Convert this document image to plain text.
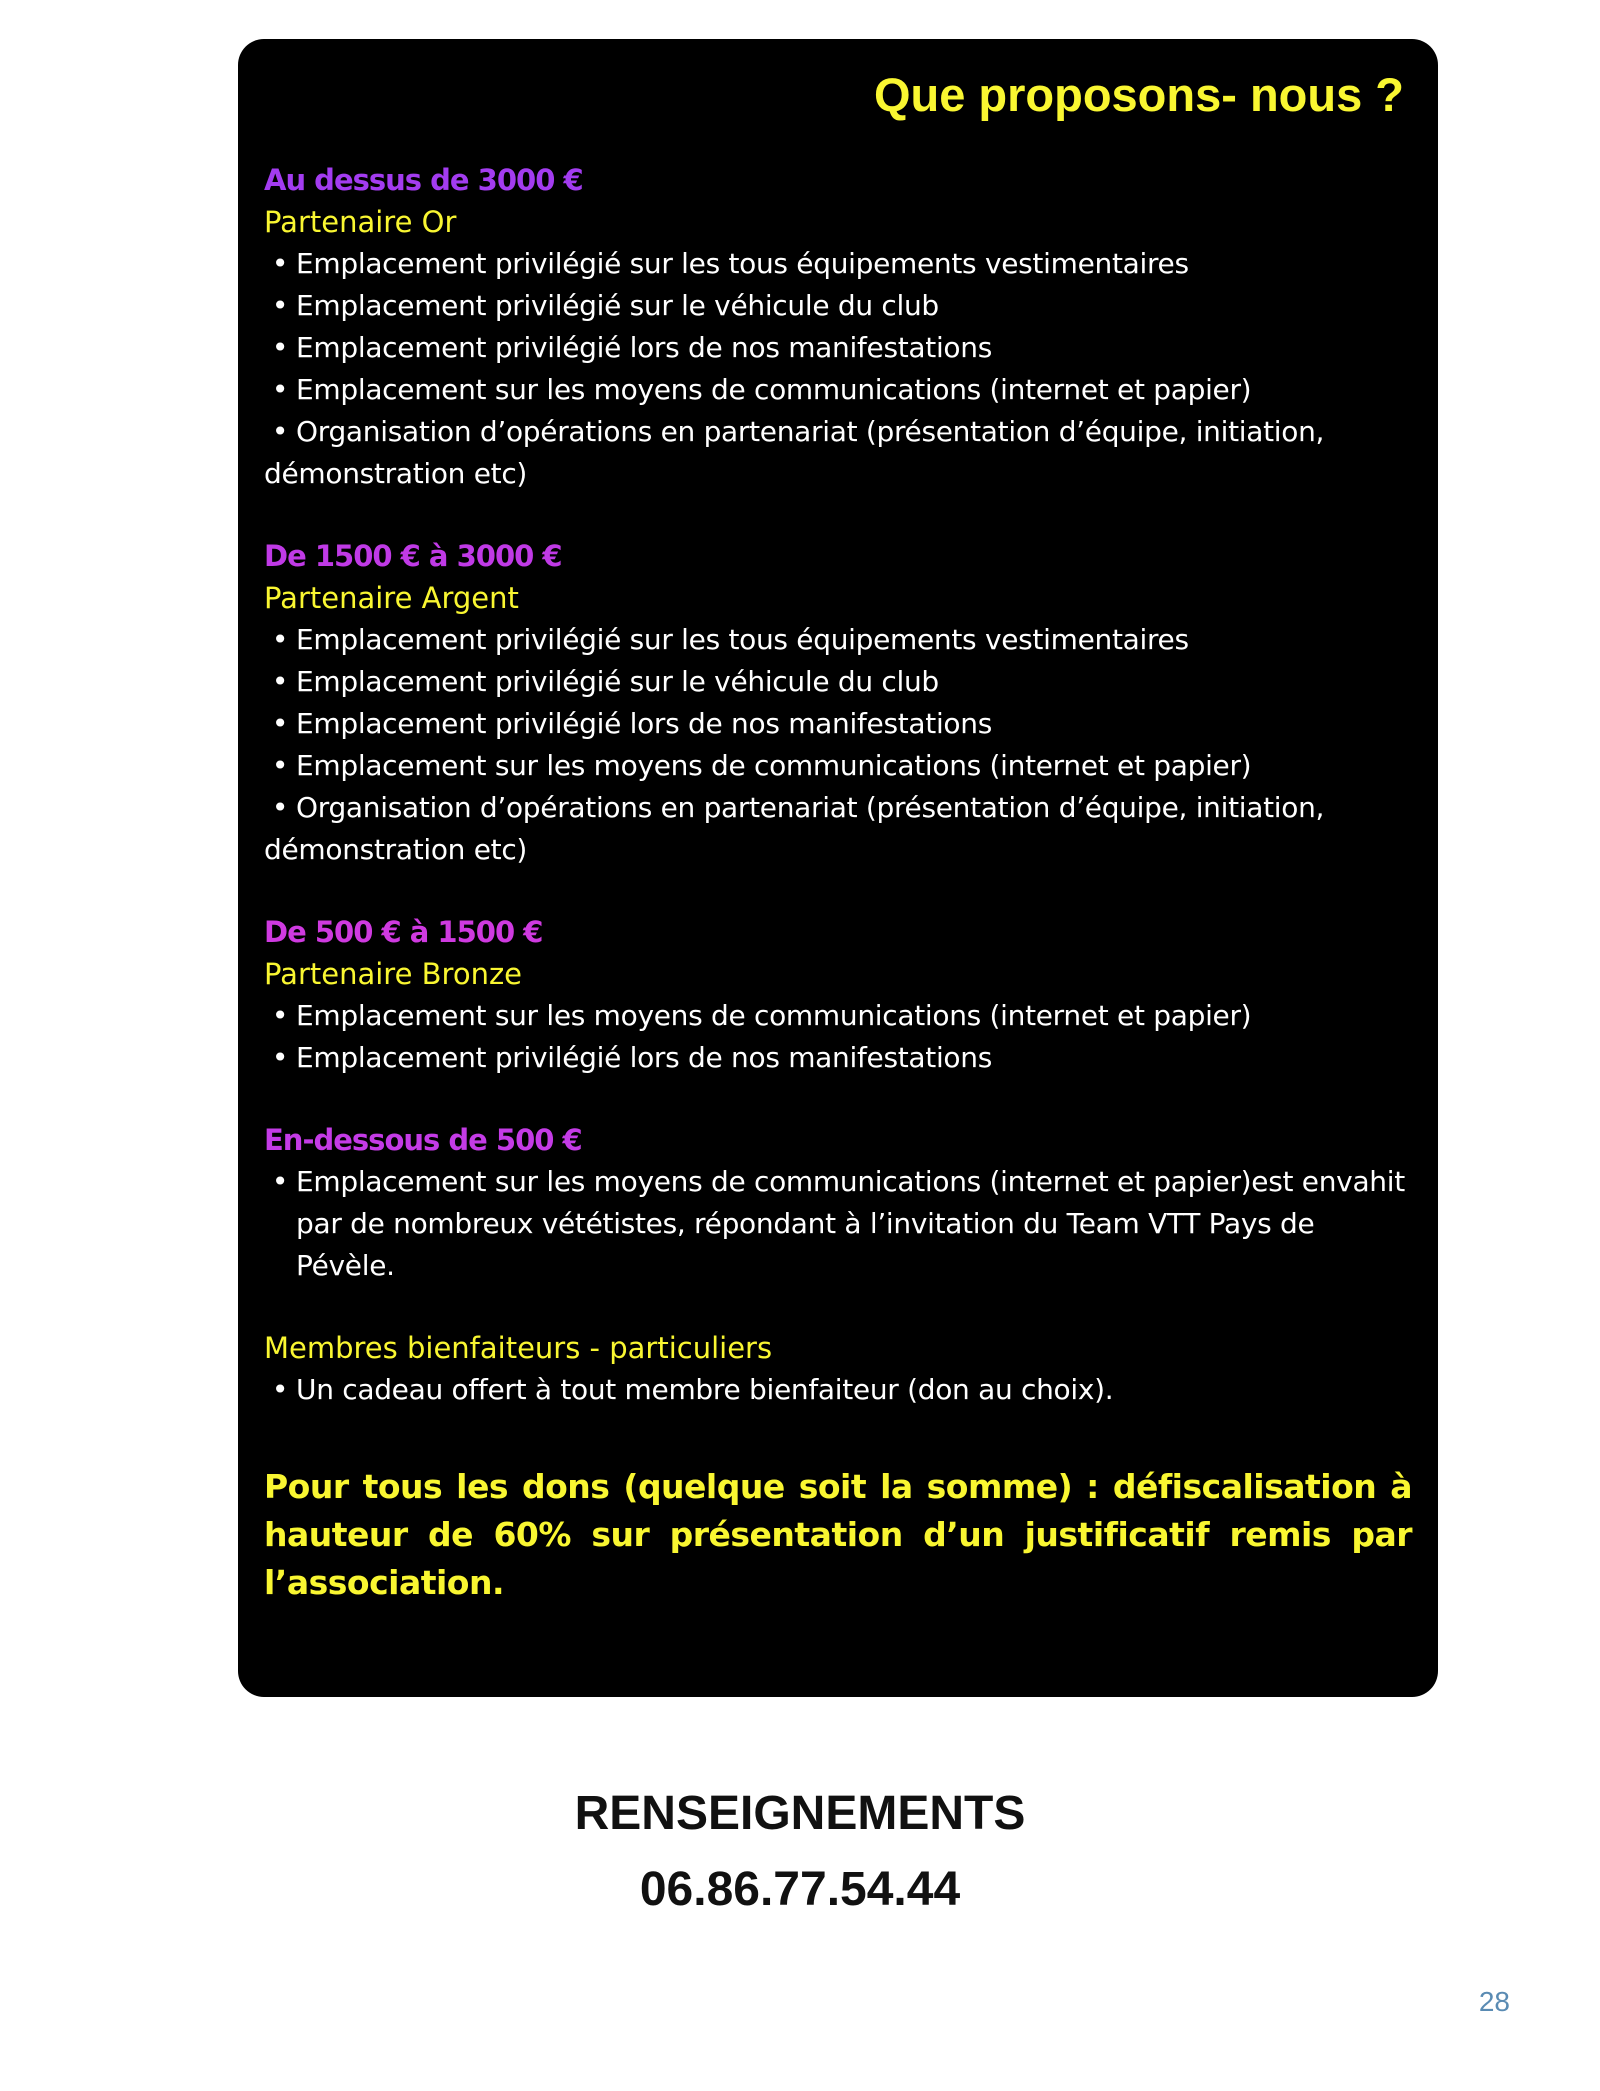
Que proposons- nous ?
Au dessus de 3000 €
Partenaire Or
• Emplacement privilégié sur les tous équipements vestimentaires
• Emplacement privilégié sur le véhicule du club
• Emplacement privilégié lors de nos manifestations
• Emplacement sur les moyens de communications (internet et papier)
• Organisation d’opérations en partenariat (présentation d’équipe, initiation, démonstration etc)
De 1500 € à 3000 €
Partenaire Argent
• Emplacement privilégié sur les tous équipements vestimentaires
• Emplacement privilégié sur le véhicule du club
• Emplacement privilégié lors de nos manifestations
• Emplacement sur les moyens de communications (internet et papier)
• Organisation d’opérations en partenariat (présentation d’équipe, initiation, démonstration etc)
De 500 € à 1500 €
Partenaire Bronze
• Emplacement sur les moyens de communications (internet et papier)
• Emplacement privilégié lors de nos manifestations
En-dessous de 500 €
• Emplacement sur les moyens de communications (internet et papier)est envahit par de nombreux vététistes, répondant à l’invitation du Team VTT Pays de Pévèle.
Membres bienfaiteurs - particuliers
• Un cadeau offert à tout membre bienfaiteur (don au choix).
Pour tous les dons (quelque soit la somme) : défiscalisation à hauteur de 60% sur présentation d’un justificatif remis par l’association.
RENSEIGNEMENTS
06.86.77.54.44
28
